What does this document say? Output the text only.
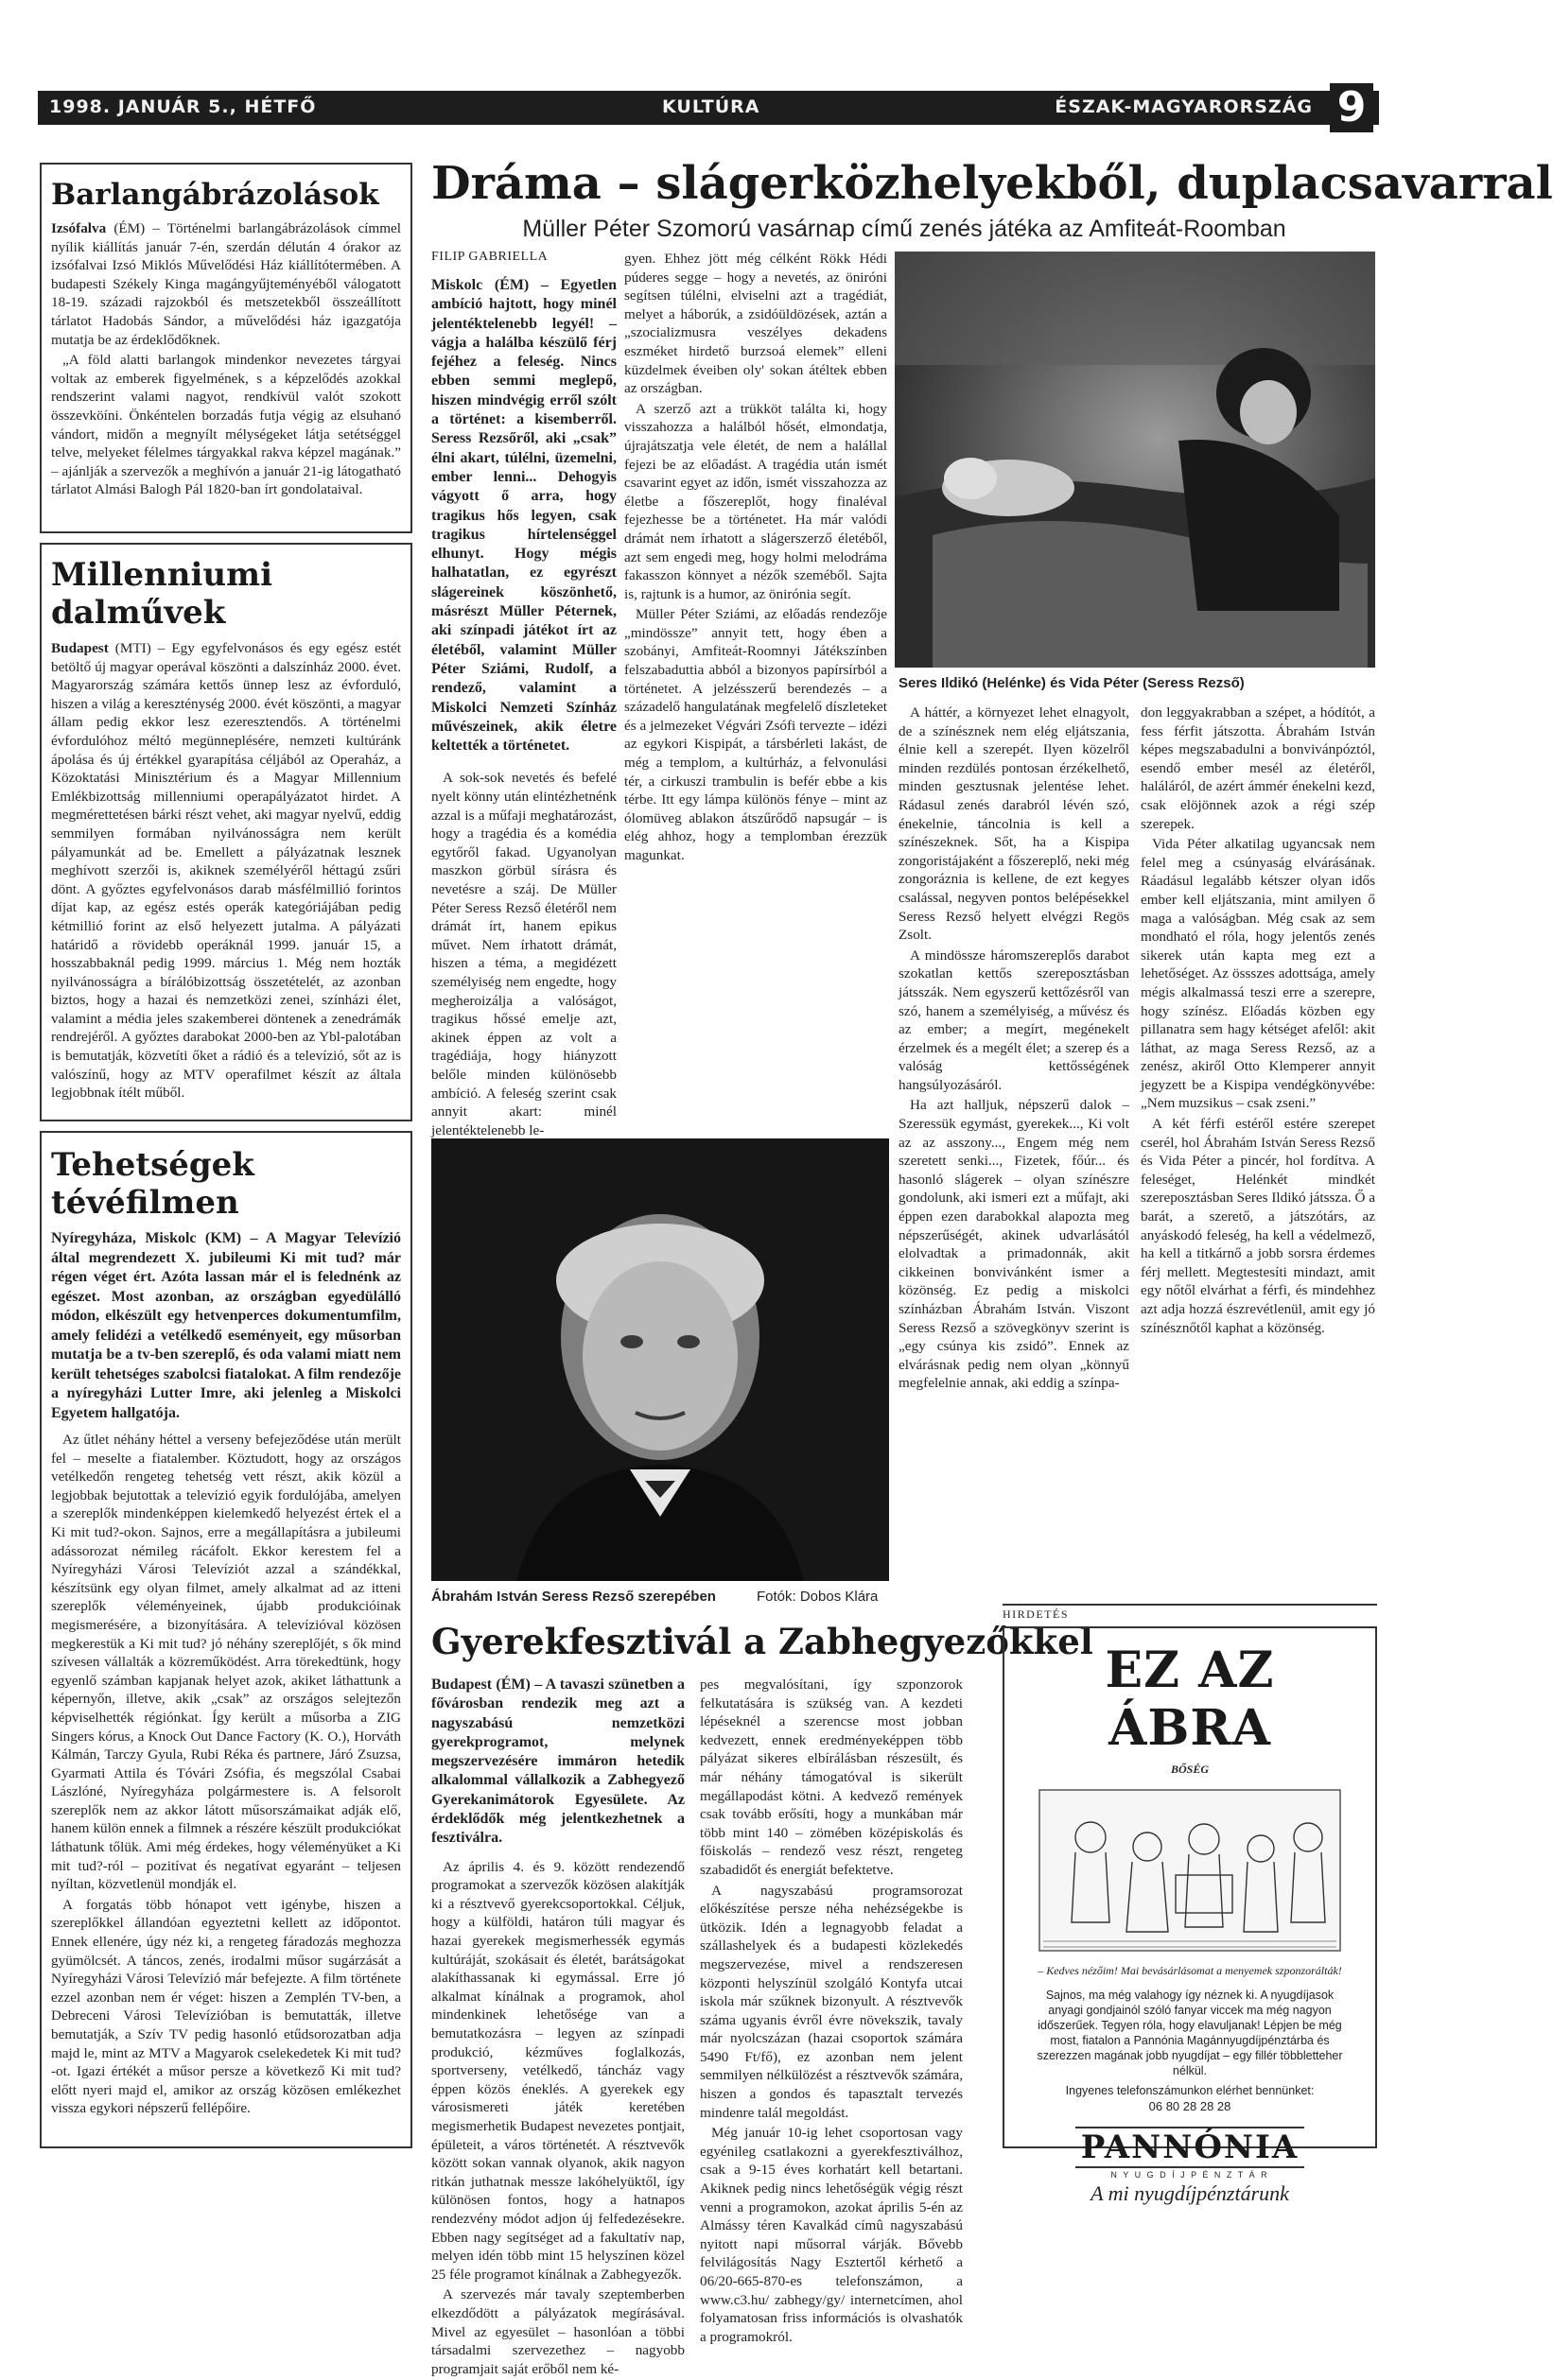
1998. JANUÁR 5., HÉTFŐ	KULTÚRA	ÉSZAK-MAGYARORSZÁG 9
Barlangábrázolások

Izsófalva (ÉM) – Történelmi barlangábrázolások címmel nyílik kiállítás január 7-én, szerdán délután 4 órakor az izsófalvai Izsó Miklós Művelődési Ház kiállítótermében. A budapesti Székely Kinga magángyűjteményéből válogatott 18-19. századi rajzokból és metszetekből összeállított tárlatot Hadobás Sándor, a művelődési ház igazgatója mutatja be az érdeklődőknek.

„A föld alatti barlangok mindenkor nevezetes tárgyai voltak az emberek figyelmének, s a képzelődés azokkal rendszerint valami nagyot, rendkívül valót szokott összevköíni. Önkéntelen borzadás futja végig az elsuhanó vándort, midőn a megnyílt mélységeket látja setétséggel telve, melyeket félelmes tárgyakkal rakva képzel magának.” – ajánlják a szervezők a meghívón a január 21-ig látogatható tárlatot Almási Balogh Pál 1820-ban írt gondolataival.

Millenniumi dalművek

Budapest (MTI) – Egy egyfelvonásos és egy egész estét betöltő új magyar operával köszönti a dalszínház 2000. évet. Magyarország számára kettős ünnep lesz az évforduló, hiszen a világ a kereszténység 2000. évét köszönti, a magyar állam pedig ekkor lesz ezeresztendős. A történelmi évfordulóhoz méltó megünneplésére, nemzeti kultúránk ápolása és új értékkel gyarapítása céljából az Operaház, a Közoktatási Minisztérium és a Magyar Millennium Emlékbizottság millenniumi operapályázatot hirdet. A megmérettetésen bárki részt vehet, aki magyar nyelvű, eddig semmilyen formában nyilvánosságra nem került pályamunkát ad be. Emellett a pályázatnak lesznek meghívott szerzői is, akiknek személyéről héttagú zsűri dönt. A győztes egyfelvonásos darab másfélmillió forintos díjat kap, az egész estés operák kategóriájában pedig kétmillió forint az első helyezett jutalma. A pályázati határidő a rövidebb operáknál 1999. január 15, a hosszabbaknál pedig 1999. március 1. Még nem hozták nyilvánosságra a bírálóbizottság összetételét, az azonban biztos, hogy a hazai és nemzetközi zenei, színházi élet, valamint a média jeles szakemberei döntenek a zenedrámák rendrejéről. A győztes darabokat 2000-ben az Ybl-palotában is bemutatják, közvetíti őket a rádió és a televízió, sőt az is valószínű, hogy az MTV operafilmet készít az általa legjobbnak ítélt műből.

Tehetségek tévéfilmen

Nyíregyháza, Miskolc (KM) – A Magyar Televízió által megrendezett X. jubileumi Ki mit tud? már régen véget ért. Azóta lassan már el is felednénk az egészet. Most azonban, az országban egyedülálló módon, elkészült egy hetvenperces dokumentumfilm, amely felidézi a vetélkedő eseményeit, egy műsorban mutatja be a tv-ben szereplő, és oda valami miatt nem került tehetséges szabolcsi fiatalokat. A film rendezője a nyíregyházi Lutter Imre, aki jelenleg a Miskolci Egyetem hallgatója.

Az űtlet néhány héttel a verseny befejeződése után merült fel – meselte a fiatalember. Köztudott, hogy az országos vetélkedőn rengeteg tehetség vett részt, akik közül a legjobbak bejutottak a televízió egyik fordulójába, amelyen a szereplők mindenképpen kielemkedő helyezést értek el a Ki mit tud?-okon. Sajnos, erre a megállapításra a jubileumi adássorozat némileg rácáfolt. Ekkor kerestem fel a Nyíregyházi Városi Televíziót azzal a szándékkal, készítsünk egy olyan filmet, amely alkalmat ad az itteni szereplők véleményeinek, újabb produkcióinak megismerésére, a bizonyítására. A televízióval közösen megkerestük a Ki mit tud? jó néhány szereplőjét, s ők mind szívesen vállalták a közreműködést. Arra törekedtünk, hogy egyenlő számban kapjanak helyet azok, akiket láthattunk a képernyőn, illetve, akik „csak” az országos selejtezőn képviselhették régiónkat. Így került a műsorba a ZIG Singers kórus, a Knock Out Dance Factory (K. O.), Horváth Kálmán, Tarczy Gyula, Rubi Réka és partnere, Járó Zsuzsa, Gyarmati Attila és Tóvári Zsófia, és megszólal Csabai Lászlóné, Nyíregyháza polgármestere is. A felsorolt szereplők nem az akkor látott műsorszámaikat adják elő, hanem külön ennek a filmnek a részére készült produkciókat láthatunk tőlük. Ami még érdekes, hogy véleményüket a Ki mit tud?-ról – pozitívat és negatívat egyaránt – teljesen nyíltan, közvetlenül mondják el.

A forgatás több hónapot vett igénybe, hiszen a szereplőkkel állandóan egyeztetni kellett az időpontot. Ennek ellenére, úgy néz ki, a rengeteg fáradozás meghozza gyümölcsét. A táncos, zenés, irodalmi műsor sugárzását a Nyíregyházi Városi Televízió már befejezte. A film története ezzel azonban nem ér véget: hiszen a Zemplén TV-ben, a Debreceni Városi Televízióban is bemutatták, illetve bemutatják, a Szív TV pedig hasonló etűdsorozatban adja majd le, mint az MTV a Magyarok cselekedetek Ki mit tud?-ot. Igazi értékét a műsor persze a következő Ki mit tud? előtt nyeri majd el, amikor az ország közösen emlékezhet vissza egykori népszerű fellépőire.

Dráma – slágerközhelyekből, duplacsavarral
Müller Péter Szomorú vasárnap című zenés játéka az Amfiteát-Roomban
FILIP GABRIELLA

Miskolc (ÉM) – Egyetlen ambíció hajtott, hogy minél jelentéktelenebb legyél! – vágja a halálba készülő férj fejéhez a feleség. Nincs ebben semmi meglepő, hiszen mindvégig erről szólt a történet: a kisemberről. Seress Rezsőről, aki „csak” élni akart, túlélni, üzemelni, ember lenni... Dehogyis vágyott ő arra, hogy tragikus hős legyen, csak tragikus hírtelenséggel elhunyt. Hogy mégis halhatatlan, ez egyrészt slágereinek köszönhető, másrészt Müller Péternek, aki színpadi játékot írt az életéből, valamint Müller Péter Sziámi, Rudolf, a rendező, valamint a Miskolci Nemzeti Színház művészeinek, akik életre keltették a történetet.

A sok-sok nevetés és befelé nyelt könny után elintézhetnénk azzal is a műfaji meghatározást, hogy a tragédia és a komédia egytőről fakad. Ugyanolyan maszkon görbül sírásra és nevetésre a száj. De Müller Péter Seress Rezső életéről nem drámát írt, hanem epikus művet. Nem írhatott drámát, hiszen a téma, a megidézett személyiség nem engedte, hogy megheroizálja a valóságot, tragikus hőssé emelje azt, akinek éppen az volt a tragédiája, hogy hiányzott belőle minden különösebb ambíció. A feleség szerint csak annyit akart: minél jelentéktelenebb le-

gyen. Ehhez jött még célként Rökk Hédi púderes segge – hogy a nevetés, az öniróni segítsen túlélni, elviselni azt a tragédiát, melyet a háborúk, a zsidóüldözések, aztán a „szocializmusra veszélyes dekadens eszméket hirdető burzsoá elemek” elleni küzdelmek éveiben oly' sokan átéltek ebben az országban.

A szerző azt a trükköt találta ki, hogy visszahozza a halálból hősét, elmondatja, újrajátszatja vele életét, de nem a halállal fejezi be az előadást. A tragédia után ismét csavarint egyet az időn, ismét visszahozza az életbe a főszereplőt, hogy finaléval fejezhesse be a történetet. Ha már valódi drámát nem írhatott a slágerszerző életéből, azt sem engedi meg, hogy holmi melodráma fakasszon könnyet a nézők szeméből. Sajta is, rajtunk is a humor, az önirónia segít.

Müller Péter Sziámi, az előadás rendezője „mindössze” annyit tett, hogy ében a szobányi, Amfiteát-Roomnyi Játékszínben felszabaduttia abból a bizonyos papírsírból a történetet. A jelzésszerű berendezés – a századelő hangulatának megfelelő díszleteket és a jelmezeket Végvári Zsófi tervezte – idézi az egykori Kispipát, a társbérleti lakást, de még a templom, a kultúrház, a felvonulási tér, a cirkuszi trambulin is befér ebbe a kis térbe. Itt egy lámpa különös fénye – mint az ólomüveg ablakon átszűrődő napsugár – is elég ahhoz, hogy a templomban érezzük magunkat.

Seres Ildikó (Helénke) és Vida Péter (Seress Rezső)
Ábrahám István Seress Rezső szerepében	Fotók: Dobos Klára

A háttér, a környezet lehet elnagyolt, de a színésznek nem elég eljátszania, élnie kell a szerepét. Ilyen közelről minden rezdülés pontosan érzékelhető, minden gesztusnak jelentése lehet. Rádasul zenés darabról lévén szó, énekelnie, táncolnia is kell a színészeknek. Sőt, ha a Kispipa zongoristájaként a főszereplő, neki még zongoráznia is kellene, de ezt kegyes csalással, negyven pontos belépésekkel Seress Rezső helyett elvégzi Regös Zsolt.

A mindössze háromszereplős darabot szokatlan kettős szereposztásban játsszák. Nem egyszerű kettőzésről van szó, hanem a személyiség, a művész és az ember; a megírt, megénekelt érzelmek és a megélt élet; a szerep és a valóság kettősségének hangsúlyozásáról.

Ha azt halljuk, népszerű dalok – Szeressük egymást, gyerekek..., Ki volt az az asszony..., Engem még nem szeretett senki..., Fizetek, főúr... és hasonló slágerek – olyan színészre gondolunk, aki ismeri ezt a műfajt, aki éppen ezen darabokkal alapozta meg népszerűségét, akinek udvarlásától elolvadtak a primadonnák, akit cikkeinen bonvivánként ismer a közönség. Ez pedig a miskolci színházban Ábrahám István. Viszont Seress Rezső a szövegkönyv szerint is „egy csúnya kis zsidó”. Ennek az elvárásnak pedig nem olyan „könnyű megfelelnie annak, aki eddig a színpa-

don leggyakrabban a szépet, a hódítót, a fess férfit játszotta. Ábrahám István képes megszabadulni a bonvivánpóztól, esendő ember mesél az életéről, haláláról, de azért ámmér énekelni kezd, csak elöjönnek azok a régi szép szerepek.

Vida Péter alkatilag ugyancsak nem felel meg a csúnyaság elvárásának. Ráadásul legalább kétszer olyan idős ember kell eljátszania, mint amilyen ő maga a valóságban. Még csak az sem mondható el róla, hogy jelentős zenés sikerek után kapta meg ezt a lehetőséget. Az össszes adottsága, amely mégis alkalmassá teszi erre a szerepre, hogy színész. Előadás közben egy pillanatra sem hagy kétséget afelől: akit láthat, az maga Seress Rezső, az a zenész, akiről Otto Klemperer annyit jegyzett be a Kispipa vendégkönyvébe: „Nem muzsikus – csak zseni.”

A két férfi estéről estére szerepet cserél, hol Ábrahám István Seress Rezső és Vida Péter a pincér, hol fordítva. A feleséget, Helénkét mindkét szereposztásban Seres Ildikó játssza. Ő a barát, a szerető, a játszótárs, az anyáskodó feleség, ha kell a védelmező, ha kell a titkárnő a jobb sorsra érdemes férj mellett. Megtestesíti mindazt, amit egy nőtől elvárhat a férfi, és mindehhez azt adja hozzá észrevétlenül, amit egy jó színésznőtől kaphat a közönség.

Gyerekfesztivál a Zabhegyezőkkel

Budapest (ÉM) – A tavaszi szünetben a fővárosban rendezik meg azt a nagyszabású nemzetközi gyerekprogramot, melynek megszervezésére immáron hetedik alkalommal vállalkozik a Zabhegyező Gyerekanimátorok Egyesülete. Az érdeklődők még jelentkezhetnek a fesztiválra.

Az április 4. és 9. között rendezendő programokat a szervezők közösen alakítják ki a résztvevő gyerekcsoportokkal. Céljuk, hogy a külföldi, határon túli magyar és hazai gyerekek megismerhessék egymás kultúráját, szokásait és életét, barátságokat alakíthassanak ki egymással. Erre jó alkalmat kínálnak a programok, ahol mindenkinek lehetősége van a bemutatkozásra – legyen az színpadi produkció, kézműves foglalkozás, sportverseny, vetélkedő, táncház vagy éppen közös éneklés. A gyerekek egy városismereti játék keretében megismerhetik Budapest nevezetes pontjait, épületeit, a város történetét. A résztvevők között sokan vannak olyanok, akik nagyon ritkán juthatnak messze lakóhelyüktől, így különösen fontos, hogy a hatnapos rendezvény módot adjon új felfedezésekre. Ebben nagy segítséget ad a fakultatív nap, melyen idén több mint 15 helyszínen közel 25 féle programot kínálnak a Zabhegyezők.

A szervezés már tavaly szeptemberben elkezdődött a pályázatok megírásával. Mivel az egyesület – hasonlóan a többi társadalmi szervezethez – nagyobb programjait saját erőből nem ké-

pes megvalósítani, így szponzorok felkutatására is szükség van. A kezdeti lépéseknél a szerencse most jobban kedvezett, ennek eredményeképpen több pályázat sikeres elbírálásban részesült, és már néhány támogatóval is sikerült megállapodást kötni. A kedvező remények csak tovább erősíti, hogy a munkában már több mint 140 – zömében középiskolás és főiskolás – rendező vesz részt, rengeteg szabadidőt és energiát befektetve.

A nagyszabású programsorozat előkészítése persze néha nehézségekbe is ütközik. Idén a legnagyobb feladat a szállashelyek és a budapesti közlekedés megszervezése, mivel a rendszeresen központi helyszínül szolgáló Kontyfa utcai iskola már szűknek bizonyult. A résztvevők száma ugyanis évről évre növekszik, tavaly már nyolcszázan (hazai csoportok számára 5490 Ft/fő), ez azonban nem jelent semmilyen nélkülözést a résztvevők számára, hiszen a gondos és tapasztalt tervezés mindenre talál megoldást.

Még január 10-ig lehet csoportosan vagy egyénileg csatlakozni a gyerekfesztiválhoz, csak a 9-15 éves korhatárt kell betartani. Akiknek pedig nincs lehetőségük végig részt venni a programokon, azokat április 5-én az Almássy téren Kavalkád címû nagyszabású nyitott napi műsorral várják. Bővebb felvilágosítás Nagy Esztertől kérhető a 06/20-665-870-es telefonszámon, a www.c3.hu/ zabhegy/gy/ internetcímen, ahol folyamatosan friss információs is olvashatók a programokról.

HIRDETÉS
EZ AZ ÁBRA
BŐSÉG
– Kedves nézőim! Mai bevásárlásomat a menyemek szponzorálták!
Sajnos, ma még valahogy így néznek ki. A nyugdíjasok anyagi gondjainól szóló fanyar viccek ma még nagyon időszerűek. Tegyen róla, hogy elavuljanak! Lépjen be még most, fiatalon a Pannónia Magánnyugdíjpénztárba és szerezzen magának jobb nyugdíjat – egy fillér többletteher nélkül.
Ingyenes telefonszámunkon elérhet bennünket:
06 80 28 28 28
PANNÓNIA
N Y U G D Í J P É N Z T Á R
A mi nyugdíjpénztárunk
